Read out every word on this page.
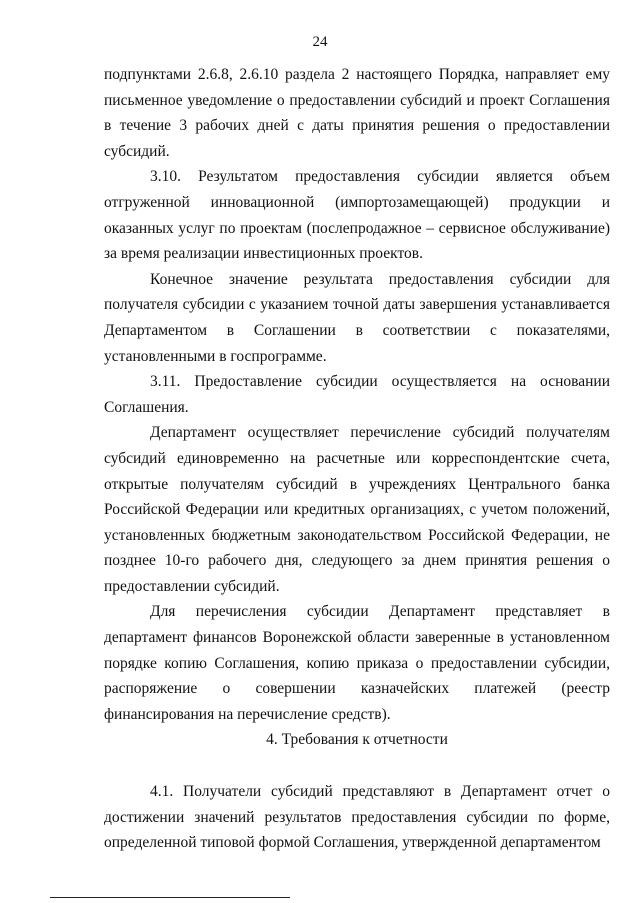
24

подпунктами 2.6.8, 2.6.10 раздела 2 настоящего Порядка, направляет ему письменное уведомление о предоставлении субсидий и проект Соглашения в течение 3 рабочих дней с даты принятия решения о предоставлении субсидий.

3.10. Результатом предоставления субсидии является объем отгруженной инновационной (импортозамещающей) продукции и оказанных услуг по проектам (послепродажное – сервисное обслуживание) за время реализации инвестиционных проектов.

Конечное значение результата предоставления субсидии для получателя субсидии с указанием точной даты завершения устанавливается Департаментом в Соглашении в соответствии с показателями, установленными в госпрограмме.

3.11. Предоставление субсидии осуществляется на основании Соглашения.

Департамент осуществляет перечисление субсидий получателям субсидий единовременно на расчетные или корреспондентские счета, открытые получателям субсидий в учреждениях Центрального банка Российской Федерации или кредитных организациях, с учетом положений, установленных бюджетным законодательством Российской Федерации, не позднее 10-го рабочего дня, следующего за днем принятия решения о предоставлении субсидий.

Для перечисления субсидии Департамент представляет в департамент финансов Воронежской области заверенные в установленном порядке копию Соглашения, копию приказа о предоставлении субсидии, распоряжение о совершении казначейских платежей (реестр финансирования на перечисление средств).

4. Требования к отчетности

4.1. Получатели субсидий представляют в Департамент отчет о достижении значений результатов предоставления субсидии по форме, определенной типовой формой Соглашения, утвержденной департаментом
